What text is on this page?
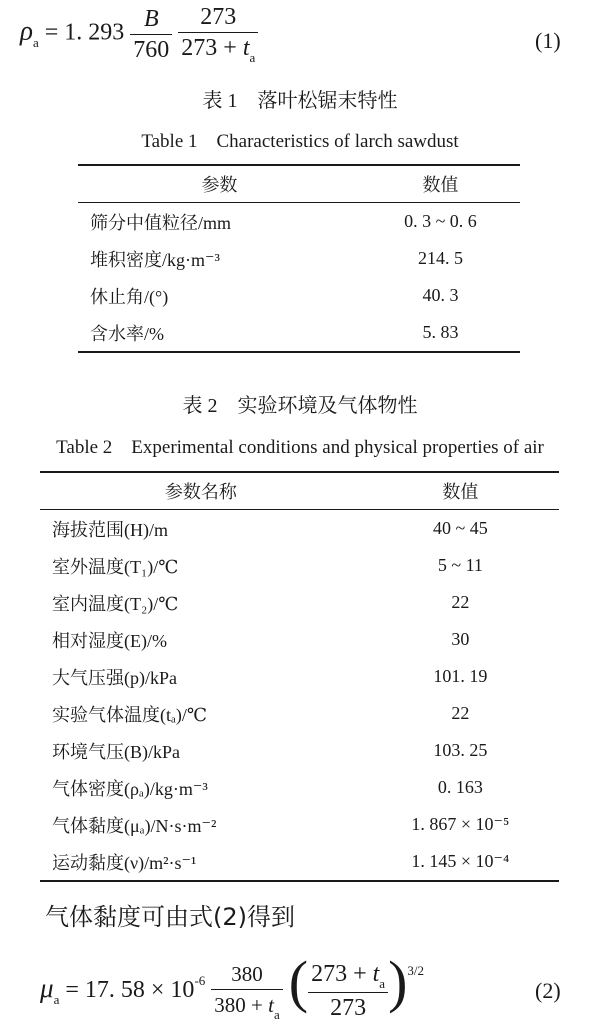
$\rho_a = 1$. $293 \frac{B}{760}$
$\frac{273}{273 + t_a}$	(1)
表 1　落叶松锯末特性
Table 1　Characteristics of larch sawdust
参数	数值
筛分中值粒径/mm	0. 3 ~ 0. 6
堆积密度/kg·m⁻³	214. 5
休止角/(°)	40. 3
含水率/%	5. 83
表 2　实验环境及气体物性
Table 2　Experimental conditions and physical properties of air
参数名称	数值
海拔范围(H)/m	40 ~ 45
室外温度(T₁)/℃	5 ~ 11
室内温度(T₂)/℃	22
相对湿度(E)/%	30
大气压强(p)/kPa	101. 19
实验气体温度(tₐ)/℃	22
环境气压(B)/kPa	103. 25
气体密度(ρₐ)/kg·m⁻³	0. 163
气体黏度(μₐ)/N·s·m⁻²	1. 867 × 10⁻⁵
运动黏度(ν)/m²·s⁻¹	1. 145 × 10⁻⁴
气体黏度可由式(2)得到
$\mu_a = 17$. $58 \times 10^{-6} \frac{380}{380 + t_a}$ ( $\frac{273 + t_a}{273} )^{3/2}$
(2)
